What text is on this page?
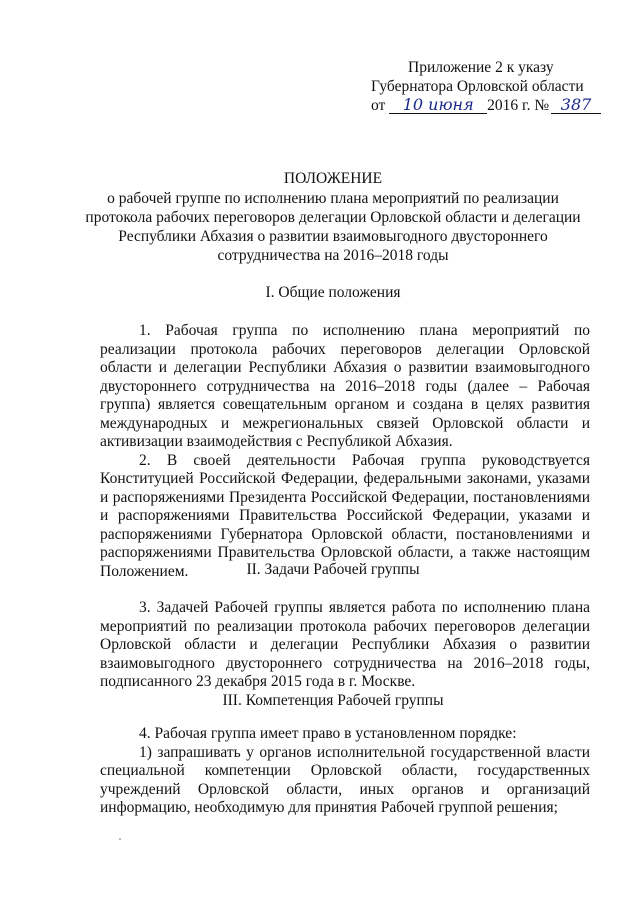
Приложение 2 к указу
Губернатора Орловской области
от	10 июня 2016 г. № 387
ПОЛОЖЕНИЕ
о рабочей группе по исполнению плана мероприятий по реализации
протокола рабочих переговоров делегации Орловской области и делегации
Республики Абхазия о развитии взаимовыгодного двустороннего
сотрудничества на 2016–2018 годы
I. Общие положения

1. Рабочая группа по исполнению плана мероприятий по реализации протокола рабочих переговоров делегации Орловской области и делегации Республики Абхазия о развитии взаимовыгодного двустороннего сотрудничества на 2016–2018 годы (далее – Рабочая группа) является совещательным органом и создана в целях развития международных и межрегиональных связей Орловской области и активизации взаимодействия с Республикой Абхазия.

2. В своей деятельности Рабочая группа руководствуется Конституцией Российской Федерации, федеральными законами, указами и распоряжениями Президента Российской Федерации, постановлениями и распоряжениями Правительства Российской Федерации, указами и распоряжениями Губернатора Орловской области, постановлениями и распоряжениями Правительства Орловской области, а также настоящим Положением.	II. Задачи Рабочей группы

3. Задачей Рабочей группы является работа по исполнению плана мероприятий по реализации протокола рабочих переговоров делегации Орловской области и делегации Республики Абхазия о развитии взаимовыгодного двустороннего сотрудничества на 2016–2018 годы, подписанного 23 декабря 2015 года в г. Москве.

III. Компетенция Рабочей группы

4. Рабочая группа имеет право в установленном порядке:

1) запрашивать у органов исполнительной государственной власти специальной компетенции Орловской области, государственных учреждений Орловской области, иных органов и организаций информацию, необходимую для принятия Рабочей группой решения;
